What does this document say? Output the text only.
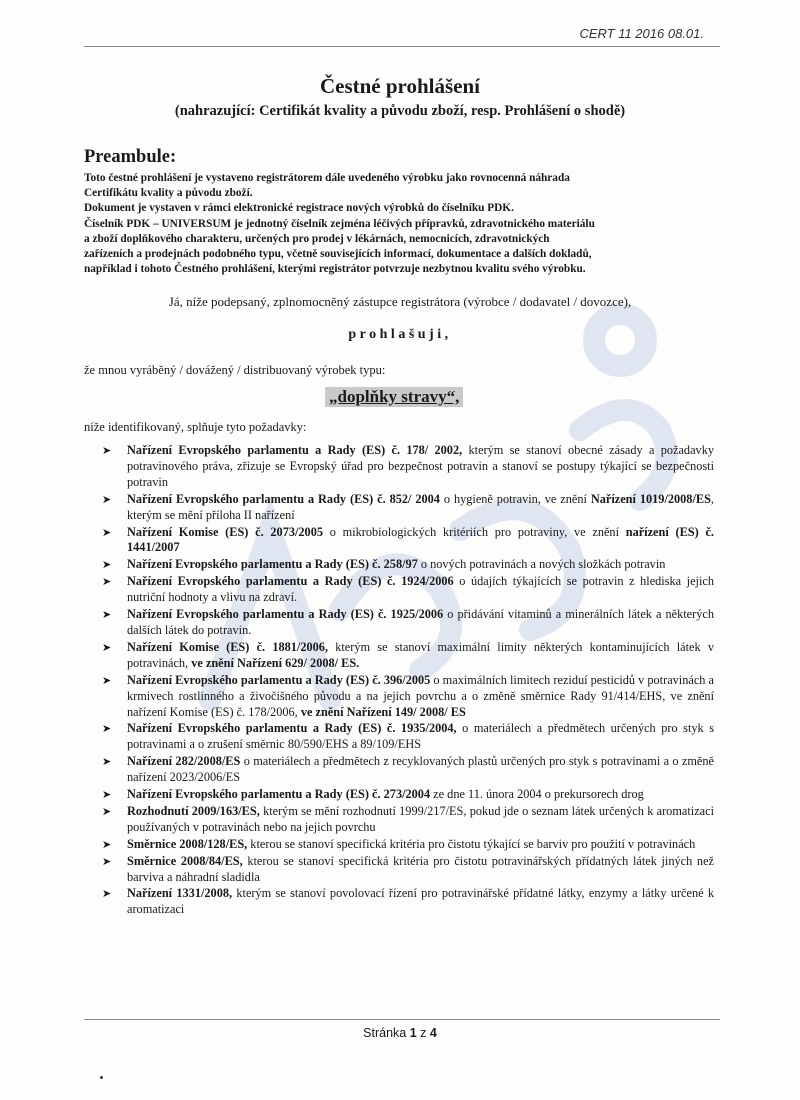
CERT 11 2016 08.01.
Čestné prohlášení
(nahrazující: Certifikát kvality a původu zboží, resp. Prohlášení o shodě)
Preambule:
Toto čestné prohlášení je vystaveno registrátorem dále uvedeného výrobku jako rovnocenná náhrada
Certifikátu kvality a původu zboží.
Dokument je vystaven v rámci elektronické registrace nových výrobků do číselníku PDK.
Číselník PDK – UNIVERSUM je jednotný číselník zejména léčivých přípravků, zdravotnického materiálu
a zboží doplňkového charakteru, určených pro prodej v lékárnách, nemocnicích, zdravotnických
zařízeních a prodejnách podobného typu, včetně souvisejících informací, dokumentace a dalších dokladů,
například i tohoto Čestného prohlášení, kterými registrátor potvrzuje nezbytnou kvalitu svého výrobku.
Já, níže podepsaný, zplnomocněný zástupce registrátora (výrobce / dodavatel / dovozce),
prohlašuji,
že mnou vyráběný / dovážený / distribuovaný výrobek typu:
„doplňky stravy“,
níže identifikovaný, splňuje tyto požadavky:
➤ Nařízení Evropského parlamentu a Rady (ES) č. 178/ 2002, kterým se stanoví obecné zásady a požadavky potravinového práva, zřizuje se Evropský úřad pro bezpečnost potravin a stanoví se postupy týkající se bezpečnosti potravin
➤ Nařízení Evropského parlamentu a Rady (ES) č. 852/ 2004 o hygieně potravin, ve znění Nařízení 1019/2008/ES, kterým se mění příloha II nařízení
➤ Nařízení Komise (ES) č. 2073/2005 o mikrobiologických kritériích pro potraviny, ve znění nařízení (ES) č. 1441/2007
➤ Nařízení Evropského parlamentu a Rady (ES) č. 258/97 o nových potravinách a nových složkách potravin
➤ Nařízení Evropského parlamentu a Rady (ES) č. 1924/2006 o údajích týkajících se potravin z hlediska jejich nutriční hodnoty a vlivu na zdraví.
➤ Nařízení Evropského parlamentu a Rady (ES) č. 1925/2006 o přidávání vitaminů a minerálních látek a některých dalších látek do potravin.
➤ Nařízení Komise (ES) č. 1881/2006, kterým se stanoví maximální limity některých kontaminujících látek v potravinách, ve znění Nařízení 629/ 2008/ ES.
➤ Nařízení Evropského parlamentu a Rady (ES) č. 396/2005 o maximálních limitech reziduí pesticidů v potravinách a krmivech rostlinného a živočišného původu a na jejich povrchu a o změně směrnice Rady 91/414/EHS, ve znění nařízení Komise (ES) č. 178/2006, ve znění Nařízení 149/ 2008/ ES
➤ Nařízení Evropského parlamentu a Rady (ES) č. 1935/2004, o materiálech a předmětech určených pro styk s potravinami a o zrušení směrnic 80/590/EHS a 89/109/EHS
➤ Nařízení 282/2008/ES o materiálech a předmětech z recyklovaných plastů určených pro styk s potravinami a o změně nařízení 2023/2006/ES
➤ Nařízení Evropského parlamentu a Rady (ES) č. 273/2004 ze dne 11. února 2004 o prekursorech drog
➤ Rozhodnutí 2009/163/ES, kterým se mění rozhodnutí 1999/217/ES, pokud jde o seznam látek určených k aromatizaci používaných v potravinách nebo na jejich povrchu
➤ Směrnice 2008/128/ES, kterou se stanoví specifická kritéria pro čistotu týkající se barviv pro použití v potravinách
➤ Směrnice 2008/84/ES, kterou se stanoví specifická kritéria pro čistotu potravinářských přídatných látek jiných než barviva a náhradní sladidla
➤ Nařízení 1331/2008, kterým se stanoví povolovací řízení pro potravinářské přídatné látky, enzymy a látky určené k aromatizaci
Stránka 1 z 4
